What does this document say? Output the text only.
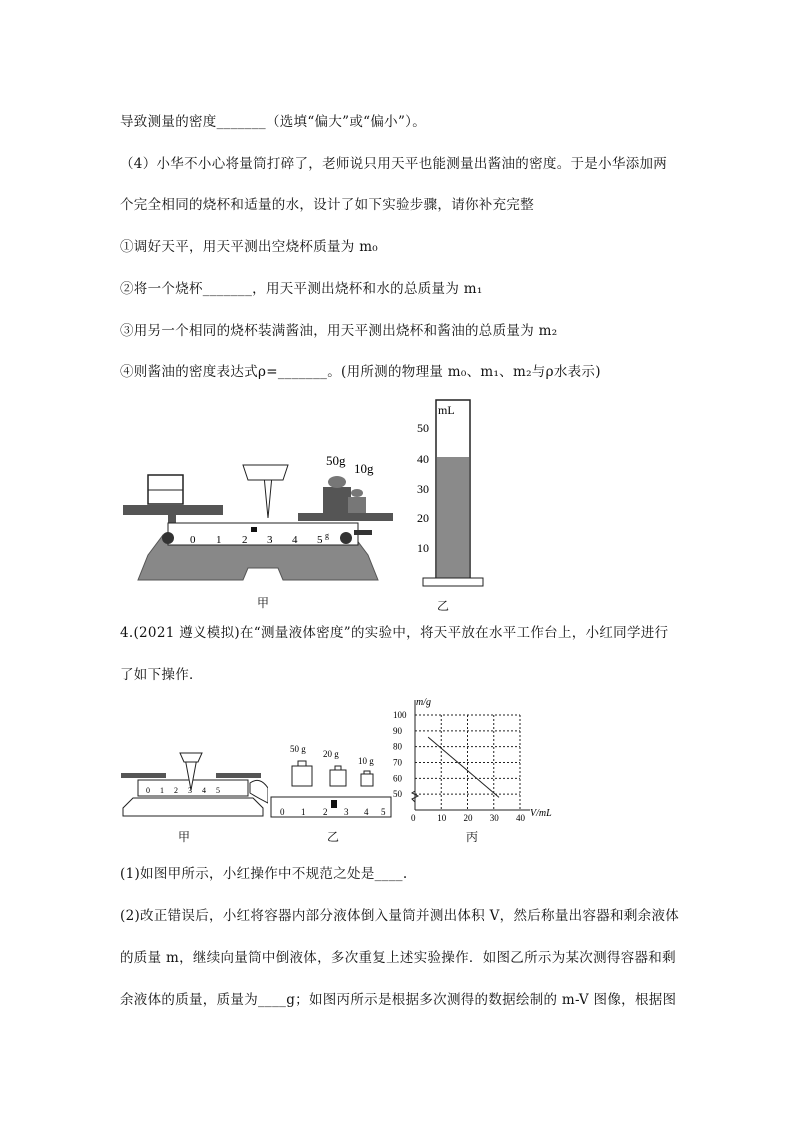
导致测量的密度_______（选填“偏大”或“偏小”）。
（4）小华不小心将量筒打碎了，老师说只用天平也能测量出酱油的密度。于是小华添加两
个完全相同的烧杯和适量的水，设计了如下实验步骤，请你补充完整
①调好天平，用天平测出空烧杯质量为 m₀
②将一个烧杯_______，用天平测出烧杯和水的总质量为 m₁
③用另一个相同的烧杯装满酱油，用天平测出烧杯和酱油的总质量为 m₂
④则酱油的密度表达式ρ=_______。(用所测的物理量 m₀、m₁、m₂与ρ水表示)
50g
10g
0 1 2 3 4 5 g
mL
50
40
30
20
10
甲	乙
4.(2021 遵义模拟)在“测量液体密度”的实验中，将天平放在水平工作台上，小红同学进行
了如下操作．
0 1 2 3 4 5
50 g 20 g
10 g
0 1 2 3 4 5
0 10 20 30 40
50
60
70
80
90
100
m/g
V/mL
甲	乙	丙
(1)如图甲所示，小红操作中不规范之处是____.
(2)改正错误后，小红将容器内部分液体倒入量筒并测出体积 V，然后称量出容器和剩余液体
的质量 m，继续向量筒中倒液体，多次重复上述实验操作．如图乙所示为某次测得容器和剩
余液体的质量，质量为____g；如图丙所示是根据多次测得的数据绘制的 m-V 图像，根据图
